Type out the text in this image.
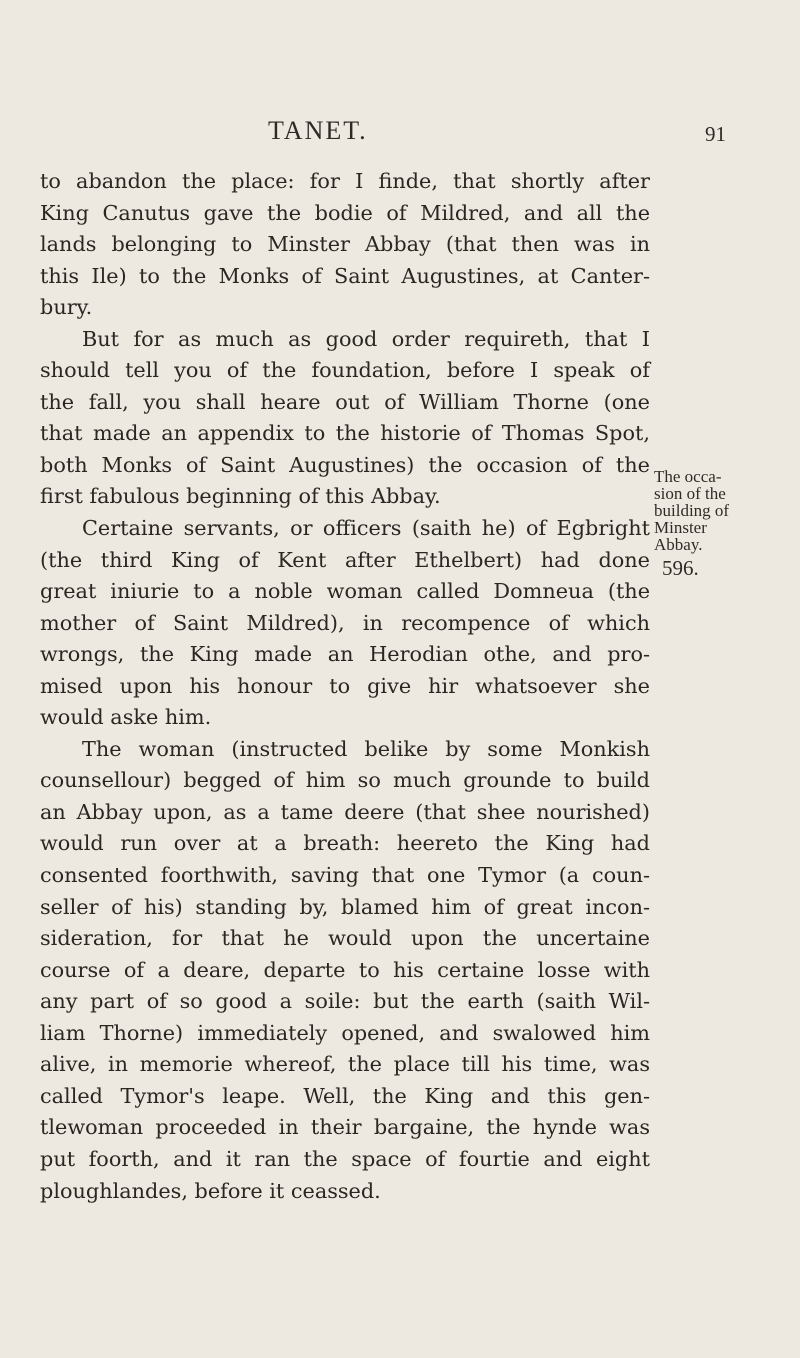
TANET.	91
to abandon the place: for I finde, that shortly after
King Canutus gave the bodie of Mildred, and all the
lands belonging to Minster Abbay (that then was in
this Ile) to the Monks of Saint Augustines, at Canter-
bury.
But for as much as good order requireth, that I
should tell you of the foundation, before I speak of
the fall, you shall heare out of William Thorne (one
that made an appendix to the historie of Thomas Spot,
both Monks of Saint Augustines) the occasion of the
first fabulous beginning of this Abbay.
Certaine servants, or officers (saith he) of Egbright
(the third King of Kent after Ethelbert) had done
great iniurie to a noble woman called Domneua (the
mother of Saint Mildred), in recompence of which
wrongs, the King made an Herodian othe, and pro-
mised upon his honour to give hir whatsoever she
would aske him.
The woman (instructed belike by some Monkish
counsellour) begged of him so much grounde to build
an Abbay upon, as a tame deere (that shee nourished)
would run over at a breath: heereto the King had
consented foorthwith, saving that one Tymor (a coun-
seller of his) standing by, blamed him of great incon-
sideration, for that he would upon the uncertaine
course of a deare, departe to his certaine losse with
any part of so good a soile: but the earth (saith Wil-
liam Thorne) immediately opened, and swalowed him
alive, in memorie whereof, the place till his time, was
called Tymor's leape. Well, the King and this gen-
tlewoman proceeded in their bargaine, the hynde was
put foorth, and it ran the space of fourtie and eight
ploughlandes, before it ceassed.
The occa-
sion of the
building of
Minster
Abbay.
596.
